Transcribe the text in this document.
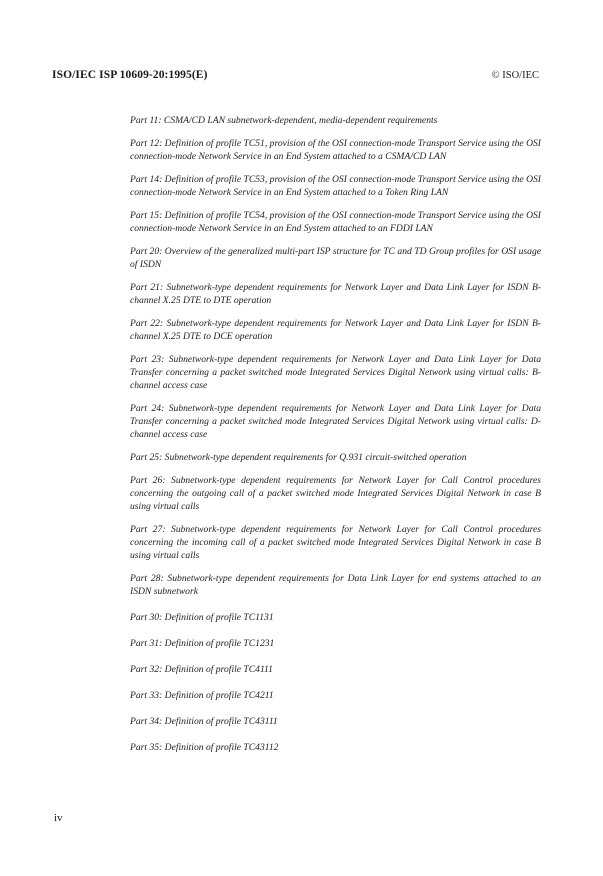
ISO/IEC ISP 10609-20:1995(E)	© ISO/IEC
Part 11: CSMA/CD LAN subnetwork-dependent, media-dependent requirements
Part 12: Definition of profile TC51, provision of the OSI connection-mode Transport Service using the OSI connection-mode Network Service in an End System attached to a CSMA/CD LAN
Part 14: Definition of profile TC53, provision of the OSI connection-mode Transport Service using the OSI connection-mode Network Service in an End System attached to a Token Ring LAN
Part 15: Definition of profile TC54, provision of the OSI connection-mode Transport Service using the OSI connection-mode Network Service in an End System attached to an FDDI LAN
Part 20: Overview of the generalized multi-part ISP structure for TC and TD Group profiles for OSI usage of ISDN
Part 21: Subnetwork-type dependent requirements for Network Layer and Data Link Layer for ISDN B-channel X.25 DTE to DTE operation
Part 22: Subnetwork-type dependent requirements for Network Layer and Data Link Layer for ISDN B-channel X.25 DTE to DCE operation
Part 23: Subnetwork-type dependent requirements for Network Layer and Data Link Layer for Data Transfer concerning a packet switched mode Integrated Services Digital Network using virtual calls: B-channel access case
Part 24: Subnetwork-type dependent requirements for Network Layer and Data Link Layer for Data Transfer concerning a packet switched mode Integrated Services Digital Network using virtual calls: D-channel access case
Part 25: Subnetwork-type dependent requirements for Q.931 circuit-switched operation
Part 26: Subnetwork-type dependent requirements for Network Layer for Call Control procedures concerning the outgoing call of a packet switched mode Integrated Services Digital Network in case B using virtual calls
Part 27: Subnetwork-type dependent requirements for Network Layer for Call Control procedures concerning the incoming call of a packet switched mode Integrated Services Digital Network in case B using virtual calls
Part 28: Subnetwork-type dependent requirements for Data Link Layer for end systems attached to an ISDN subnetwork
Part 30: Definition of profile TC1131
Part 31: Definition of profile TC1231
Part 32: Definition of profile TC4111
Part 33: Definition of profile TC4211
Part 34: Definition of profile TC43111
Part 35: Definition of profile TC43112
iv
